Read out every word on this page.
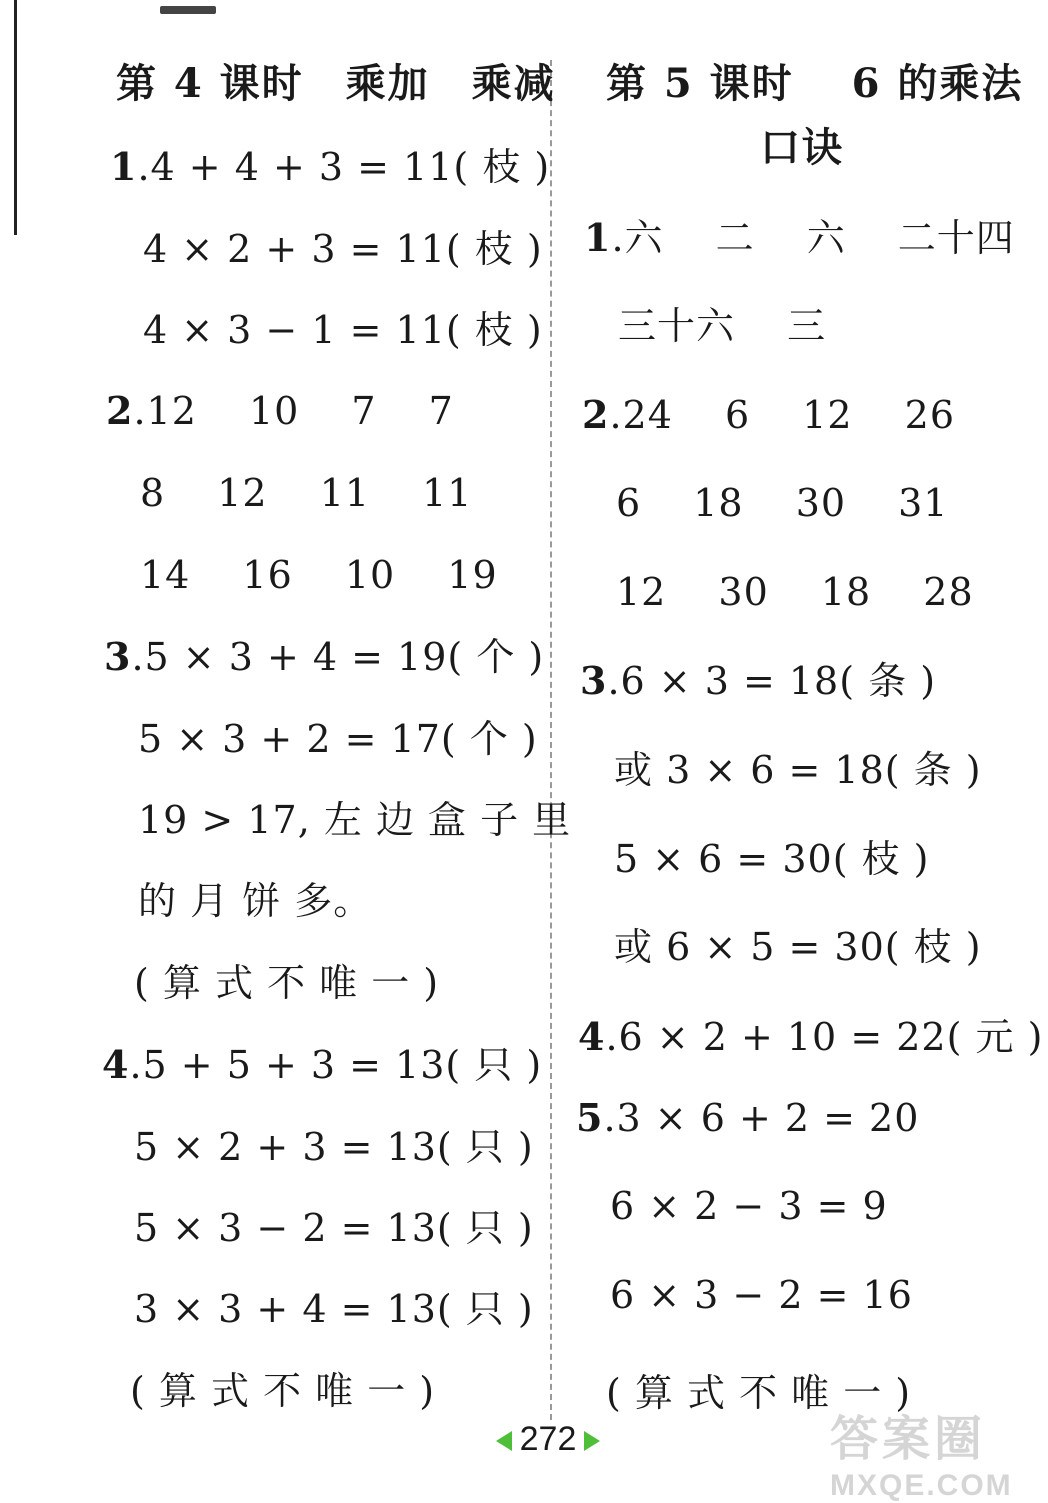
第 4 课时　乘加　乘减
1.4 + 4 + 3 = 11( 枝 )
4 × 2 + 3 = 11( 枝 )
4 × 3 − 1 = 11( 枝 )
2.12　 10　 7　 7
8　 12　 11　 11
14　 16　 10　 19
3.5 × 3 + 4 = 19( 个 )
5 × 3 + 2 = 17( 个 )
19 > 17, 左 边 盒 子 里
的 月 饼 多。
( 算 式 不 唯 一 )
4.5 + 5 + 3 = 13( 只 )
5 × 2 + 3 = 13( 只 )
5 × 3 − 2 = 13( 只 )
3 × 3 + 4 = 13( 只 )
( 算 式 不 唯 一 )
第 5 课时　 6 的乘法
口诀
1.六　 二　 六　 二十四
三十六　 三
2.24　 6　 12　 26
6　 18　 30　 31
12　 30　 18　 28
3.6 × 3 = 18( 条 )
或 3 × 6 = 18( 条 )
5 × 6 = 30( 枝 )
或 6 × 5 = 30( 枝 )
4.6 × 2 + 10 = 22( 元 )
5.3 × 6 + 2 = 20
6 × 2 − 3 = 9
6 × 3 − 2 = 16
( 算 式 不 唯 一 )
272	答案圈
MXQE.COM
